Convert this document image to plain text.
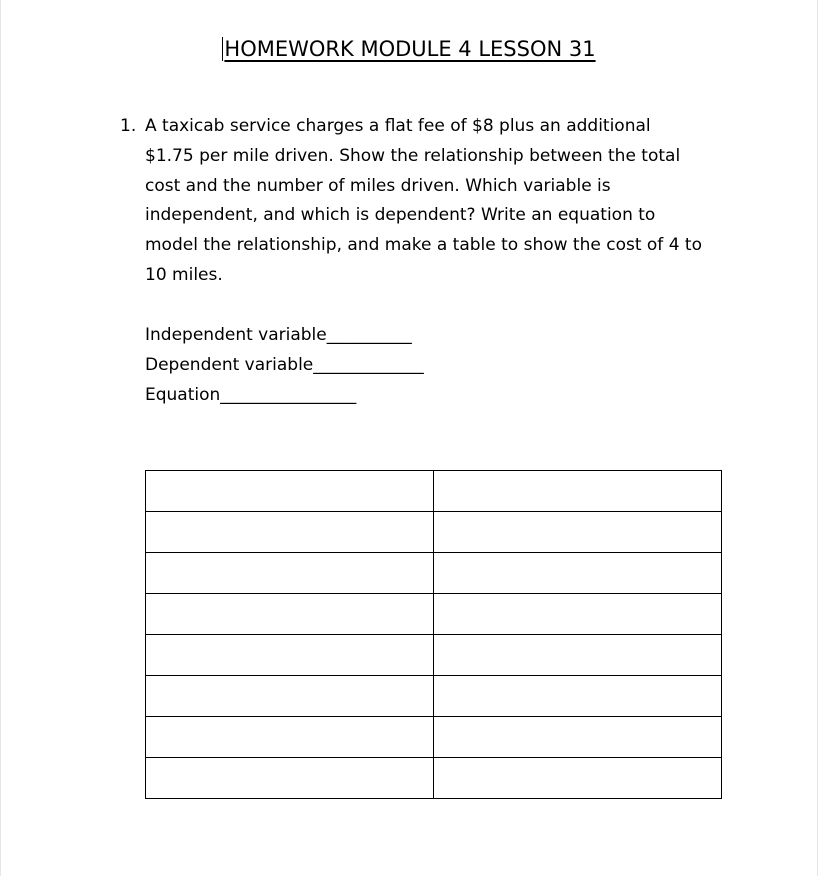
HOMEWORK MODULE 4 LESSON 31
1. A taxicab service charges a flat fee of $8 plus an additional
$1.75 per mile driven. Show the relationship between the total
cost and the number of miles driven. Which variable is
independent, and which is dependent? Write an equation to
model the relationship, and make a table to show the cost of 4 to
10 miles.
Independent variable__________
Dependent variable_____________
Equation________________
